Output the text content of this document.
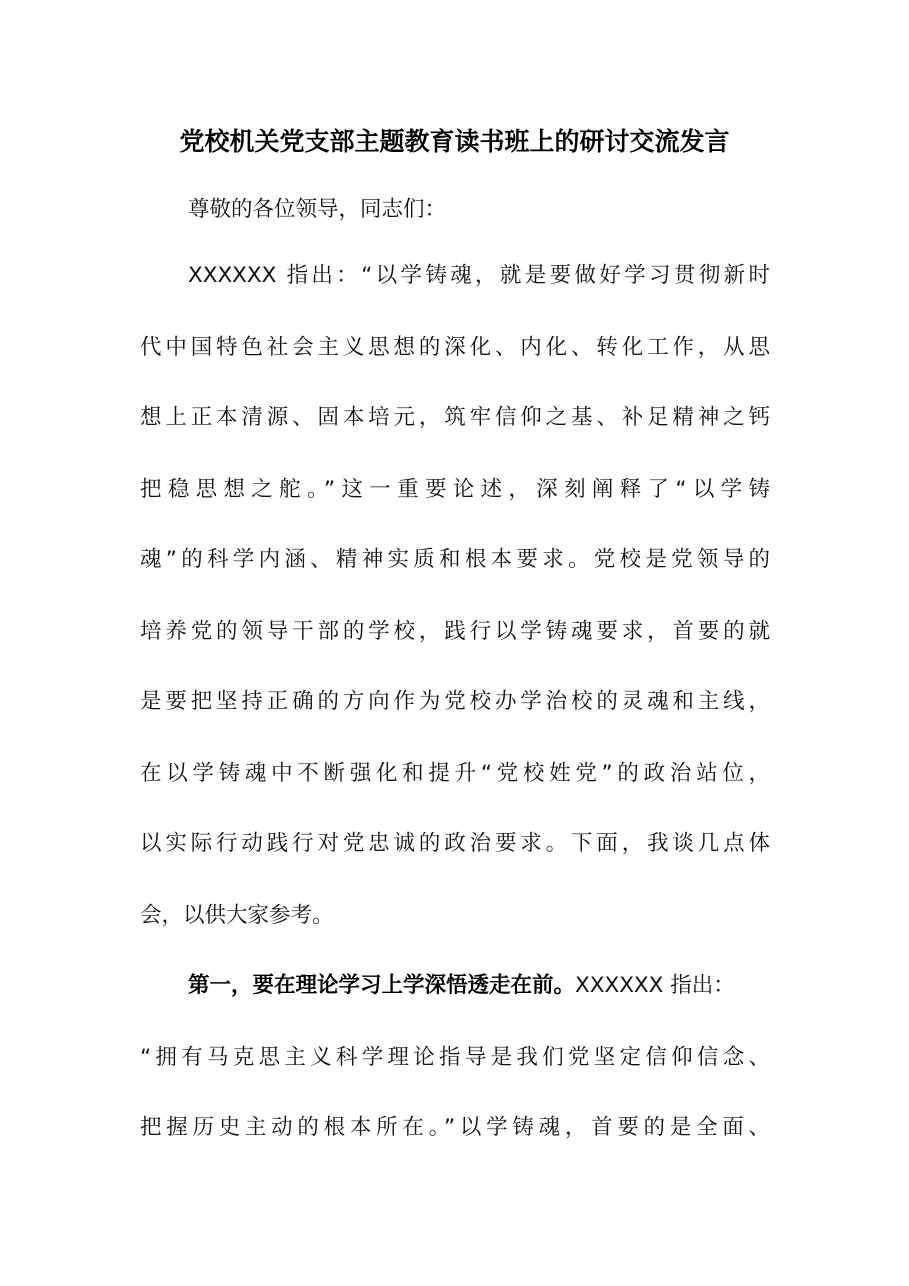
党校机关党支部主题教育读书班上的研讨交流发言

尊敬的各位领导，同志们：

XXXXXX 指出：“以学铸魂，就是要做好学习贯彻新时

代中国特色社会主义思想的深化、内化、转化工作，从思

想上正本清源、固本培元，筑牢信仰之基、补足精神之钙

把稳思想之舵。”这一重要论述，深刻阐释了“以学铸

魂”的科学内涵、精神实质和根本要求。党校是党领导的

培养党的领导干部的学校，践行以学铸魂要求，首要的就

是要把坚持正确的方向作为党校办学治校的灵魂和主线，

在以学铸魂中不断强化和提升“党校姓党”的政治站位，

以实际行动践行对党忠诚的政治要求。下面，我谈几点体

会，以供大家参考。

第一，要在理论学习上学深悟透走在前。XXXXXX 指出：

“拥有马克思主义科学理论指导是我们党坚定信仰信念、

把握历史主动的根本所在。”以学铸魂，首要的是全面、
